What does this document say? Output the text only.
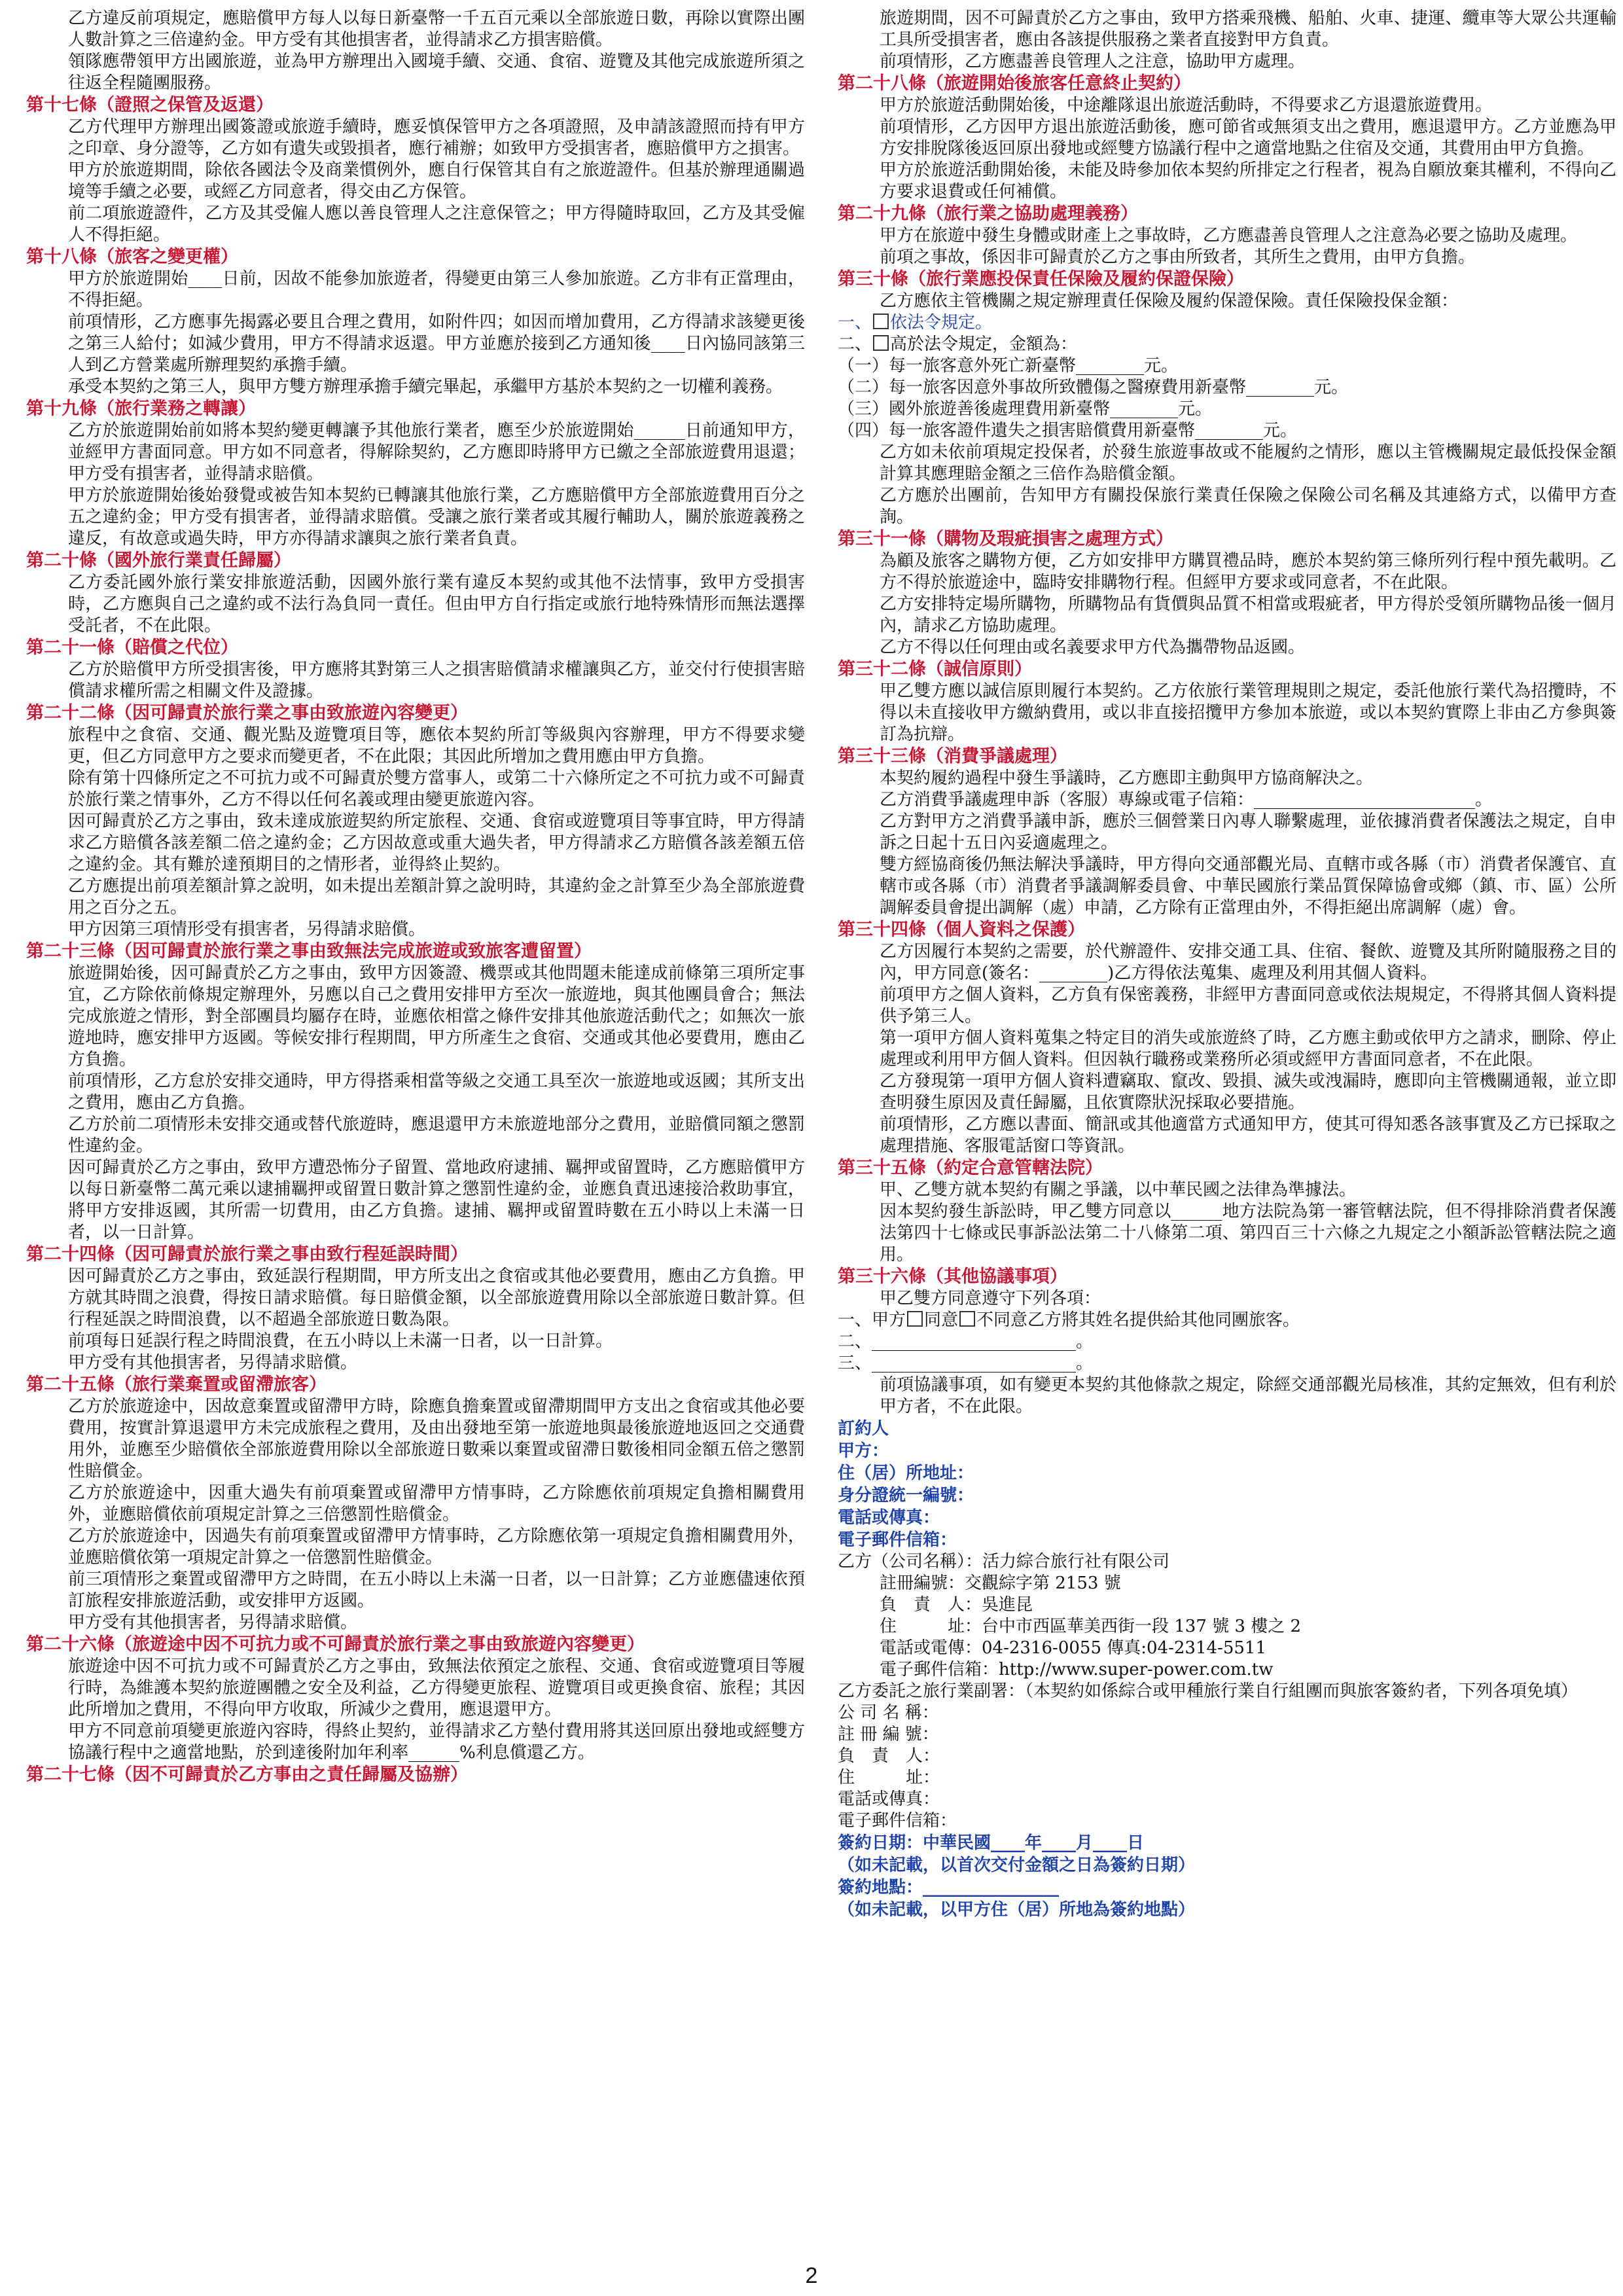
乙方違反前項規定，應賠償甲方每人以每日新臺幣一千五百元乘以全部旅遊日數，再除以實際出團人數計算之三倍違約金。甲方受有其他損害者，並得請求乙方損害賠償。

領隊應帶領甲方出國旅遊，並為甲方辦理出入國境手續、交通、食宿、遊覽及其他完成旅遊所須之往返全程隨團服務。

第十七條（證照之保管及返還）

乙方代理甲方辦理出國簽證或旅遊手續時，應妥慎保管甲方之各項證照，及申請該證照而持有甲方之印章、身分證等，乙方如有遺失或毀損者，應行補辦；如致甲方受損害者，應賠償甲方之損害。

甲方於旅遊期間，除依各國法令及商業慣例外，應自行保管其自有之旅遊證件。但基於辦理通關過境等手續之必要，或經乙方同意者，得交由乙方保管。

前二項旅遊證件，乙方及其受僱人應以善良管理人之注意保管之；甲方得隨時取回，乙方及其受僱人不得拒絕。

第十八條（旅客之變更權）

甲方於旅遊開始____日前，因故不能參加旅遊者，得變更由第三人參加旅遊。乙方非有正當理由，不得拒絕。

前項情形，乙方應事先揭露必要且合理之費用，如附件四；如因而增加費用，乙方得請求該變更後之第三人給付；如減少費用，甲方不得請求返還。甲方並應於接到乙方通知後____日內協同該第三人到乙方營業處所辦理契約承擔手續。

承受本契約之第三人，與甲方雙方辦理承擔手續完畢起，承繼甲方基於本契約之一切權利義務。

第十九條（旅行業務之轉讓）

乙方於旅遊開始前如將本契約變更轉讓予其他旅行業者，應至少於旅遊開始______日前通知甲方，並經甲方書面同意。甲方如不同意者，得解除契約，乙方應即時將甲方已繳之全部旅遊費用退還；甲方受有損害者，並得請求賠償。

甲方於旅遊開始後始發覺或被告知本契約已轉讓其他旅行業，乙方應賠償甲方全部旅遊費用百分之五之違約金；甲方受有損害者，並得請求賠償。受讓之旅行業者或其履行輔助人，關於旅遊義務之違反，有故意或過失時，甲方亦得請求讓與之旅行業者負責。

第二十條（國外旅行業責任歸屬）

乙方委託國外旅行業安排旅遊活動，因國外旅行業有違反本契約或其他不法情事，致甲方受損害時，乙方應與自己之違約或不法行為負同一責任。但由甲方自行指定或旅行地特殊情形而無法選擇受託者，不在此限。

第二十一條（賠償之代位）

乙方於賠償甲方所受損害後，甲方應將其對第三人之損害賠償請求權讓與乙方，並交付行使損害賠償請求權所需之相關文件及證據。

第二十二條（因可歸責於旅行業之事由致旅遊內容變更）

旅程中之食宿、交通、觀光點及遊覽項目等，應依本契約所訂等級與內容辦理，甲方不得要求變更，但乙方同意甲方之要求而變更者，不在此限；其因此所增加之費用應由甲方負擔。

除有第十四條所定之不可抗力或不可歸責於雙方當事人，或第二十六條所定之不可抗力或不可歸責於旅行業之情事外，乙方不得以任何名義或理由變更旅遊內容。

因可歸責於乙方之事由，致未達成旅遊契約所定旅程、交通、食宿或遊覽項目等事宜時，甲方得請求乙方賠償各該差額二倍之違約金；乙方因故意或重大過失者，甲方得請求乙方賠償各該差額五倍之違約金。其有難於達預期目的之情形者，並得終止契約。

乙方應提出前項差額計算之說明，如未提出差額計算之說明時，其違約金之計算至少為全部旅遊費用之百分之五。

甲方因第三項情形受有損害者，另得請求賠償。

第二十三條（因可歸責於旅行業之事由致無法完成旅遊或致旅客遭留置）

旅遊開始後，因可歸責於乙方之事由，致甲方因簽證、機票或其他問題未能達成前條第三項所定事宜，乙方除依前條規定辦理外，另應以自己之費用安排甲方至次一旅遊地，與其他團員會合；無法完成旅遊之情形，對全部團員均屬存在時，並應依相當之條件安排其他旅遊活動代之；如無次一旅遊地時，應安排甲方返國。等候安排行程期間，甲方所產生之食宿、交通或其他必要費用，應由乙方負擔。

前項情形，乙方怠於安排交通時，甲方得搭乘相當等級之交通工具至次一旅遊地或返國；其所支出之費用，應由乙方負擔。

乙方於前二項情形未安排交通或替代旅遊時，應退還甲方未旅遊地部分之費用，並賠償同額之懲罰性違約金。

因可歸責於乙方之事由，致甲方遭恐怖分子留置、當地政府逮捕、羈押或留置時，乙方應賠償甲方以每日新臺幣二萬元乘以逮捕羈押或留置日數計算之懲罰性違約金，並應負責迅速接洽救助事宜，將甲方安排返國，其所需一切費用，由乙方負擔。逮捕、羈押或留置時數在五小時以上未滿一日者，以一日計算。

第二十四條（因可歸責於旅行業之事由致行程延誤時間）

因可歸責於乙方之事由，致延誤行程期間，甲方所支出之食宿或其他必要費用，應由乙方負擔。甲方就其時間之浪費，得按日請求賠償。每日賠償金額，以全部旅遊費用除以全部旅遊日數計算。但行程延誤之時間浪費，以不超過全部旅遊日數為限。

前項每日延誤行程之時間浪費，在五小時以上未滿一日者，以一日計算。

甲方受有其他損害者，另得請求賠償。

第二十五條（旅行業棄置或留滯旅客）

乙方於旅遊途中，因故意棄置或留滯甲方時，除應負擔棄置或留滯期間甲方支出之食宿或其他必要費用，按實計算退還甲方未完成旅程之費用，及由出發地至第一旅遊地與最後旅遊地返回之交通費用外，並應至少賠償依全部旅遊費用除以全部旅遊日數乘以棄置或留滯日數後相同金額五倍之懲罰性賠償金。

乙方於旅遊途中，因重大過失有前項棄置或留滯甲方情事時，乙方除應依前項規定負擔相關費用外，並應賠償依前項規定計算之三倍懲罰性賠償金。

乙方於旅遊途中，因過失有前項棄置或留滯甲方情事時，乙方除應依第一項規定負擔相關費用外，並應賠償依第一項規定計算之一倍懲罰性賠償金。

前三項情形之棄置或留滯甲方之時間，在五小時以上未滿一日者，以一日計算；乙方並應儘速依預訂旅程安排旅遊活動，或安排甲方返國。

甲方受有其他損害者，另得請求賠償。

第二十六條（旅遊途中因不可抗力或不可歸責於旅行業之事由致旅遊內容變更）

旅遊途中因不可抗力或不可歸責於乙方之事由，致無法依預定之旅程、交通、食宿或遊覽項目等履行時，為維護本契約旅遊團體之安全及利益，乙方得變更旅程、遊覽項目或更換食宿、旅程；其因此所增加之費用，不得向甲方收取，所減少之費用，應退還甲方。

甲方不同意前項變更旅遊內容時，得終止契約，並得請求乙方墊付費用將其送回原出發地或經雙方協議行程中之適當地點，於到達後附加年利率______%利息償還乙方。

第二十七條（因不可歸責於乙方事由之責任歸屬及協辦）

旅遊期間，因不可歸責於乙方之事由，致甲方搭乘飛機、船舶、火車、捷運、纜車等大眾公共運輸工具所受損害者，應由各該提供服務之業者直接對甲方負責。

前項情形，乙方應盡善良管理人之注意，協助甲方處理。

第二十八條（旅遊開始後旅客任意終止契約）

甲方於旅遊活動開始後，中途離隊退出旅遊活動時，不得要求乙方退還旅遊費用。

前項情形，乙方因甲方退出旅遊活動後，應可節省或無須支出之費用，應退還甲方。乙方並應為甲方安排脫隊後返回原出發地或經雙方協議行程中之適當地點之住宿及交通，其費用由甲方負擔。

甲方於旅遊活動開始後，未能及時參加依本契約所排定之行程者，視為自願放棄其權利，不得向乙方要求退費或任何補償。

第二十九條（旅行業之協助處理義務）

甲方在旅遊中發生身體或財產上之事故時，乙方應盡善良管理人之注意為必要之協助及處理。

前項之事故，係因非可歸責於乙方之事由所致者，其所生之費用，由甲方負擔。

第三十條（旅行業應投保責任保險及履約保證保險）

乙方應依主管機關之規定辦理責任保險及履約保證保險。責任保險投保金額：

一、 依法令規定。

二、 高於法令規定，金額為：

（一）每一旅客意外死亡新臺幣________元。

（二）每一旅客因意外事故所致體傷之醫療費用新臺幣________元。

（三）國外旅遊善後處理費用新臺幣________元。

（四）每一旅客證件遺失之損害賠償費用新臺幣________元。

乙方如未依前項規定投保者，於發生旅遊事故或不能履約之情形，應以主管機關規定最低投保金額計算其應理賠金額之三倍作為賠償金額。

乙方應於出團前，告知甲方有關投保旅行業責任保險之保險公司名稱及其連絡方式，以備甲方查詢。

第三十一條（購物及瑕疵損害之處理方式）

為顧及旅客之購物方便，乙方如安排甲方購買禮品時，應於本契約第三條所列行程中預先載明。乙方不得於旅遊途中，臨時安排購物行程。但經甲方要求或同意者，不在此限。

乙方安排特定場所購物，所購物品有貨價與品質不相當或瑕疵者，甲方得於受領所購物品後一個月內，請求乙方協助處理。

乙方不得以任何理由或名義要求甲方代為攜帶物品返國。

第三十二條（誠信原則）

甲乙雙方應以誠信原則履行本契約。乙方依旅行業管理規則之規定，委託他旅行業代為招攬時，不得以未直接收甲方繳納費用，或以非直接招攬甲方參加本旅遊，或以本契約實際上非由乙方參與簽訂為抗辯。

第三十三條（消費爭議處理）

本契約履約過程中發生爭議時，乙方應即主動與甲方協商解決之。

乙方消費爭議處理申訴（客服）專線或電子信箱：__________________________。

乙方對甲方之消費爭議申訴，應於三個營業日內專人聯繫處理，並依據消費者保護法之規定，自申訴之日起十五日內妥適處理之。

雙方經協商後仍無法解決爭議時，甲方得向交通部觀光局、直轄市或各縣（市）消費者保護官、直轄市或各縣（市）消費者爭議調解委員會、中華民國旅行業品質保障協會或鄉（鎮、市、區）公所調解委員會提出調解（處）申請，乙方除有正當理由外，不得拒絕出席調解（處）會。

第三十四條（個人資料之保護）

乙方因履行本契約之需要，於代辦證件、安排交通工具、住宿、餐飲、遊覽及其所附隨服務之目的內，甲方同意(簽名：________)乙方得依法蒐集、處理及利用其個人資料。

前項甲方之個人資料，乙方負有保密義務，非經甲方書面同意或依法規規定，不得將其個人資料提供予第三人。

第一項甲方個人資料蒐集之特定目的消失或旅遊終了時，乙方應主動或依甲方之請求，刪除、停止處理或利用甲方個人資料。但因執行職務或業務所必須或經甲方書面同意者，不在此限。

乙方發現第一項甲方個人資料遭竊取、竄改、毀損、滅失或洩漏時，應即向主管機關通報，並立即查明發生原因及責任歸屬，且依實際狀況採取必要措施。

前項情形，乙方應以書面、簡訊或其他適當方式通知甲方，使其可得知悉各該事實及乙方已採取之處理措施、客服電話窗口等資訊。

第三十五條（約定合意管轄法院）

甲、乙雙方就本契約有關之爭議，以中華民國之法律為準據法。

因本契約發生訴訟時，甲乙雙方同意以______地方法院為第一審管轄法院，但不得排除消費者保護法第四十七條或民事訴訟法第二十八條第二項、第四百三十六條之九規定之小額訴訟管轄法院之適用。

第三十六條（其他協議事項）

甲乙雙方同意遵守下列各項：

一、甲方 同意 不同意乙方將其姓名提供給其他同團旅客。

二、________________________。

三、________________________。

前項協議事項，如有變更本契約其他條款之規定，除經交通部觀光局核准，其約定無效，但有利於甲方者，不在此限。

訂約人

甲方：

住（居）所地址：

身分證統一編號：

電話或傳真：

電子郵件信箱：

乙方（公司名稱）：活力綜合旅行社有限公司

註冊編號：交觀綜字第 2153 號

負　責　人：吳進昆

住　　　址：台中市西區華美西街一段 137 號 3 樓之 2

電話或電傳：04-2316-0055 傳真:04-2314-5511

電子郵件信箱：http://www.super-power.com.tw

乙方委託之旅行業副署：（本契約如係綜合或甲種旅行業自行組團而與旅客簽約者，下列各項免填）

公 司 名 稱：

註 冊 編 號：

負　責　人：

住　　　址：

電話或傳真：

電子郵件信箱：

簽約日期：中華民國____年____月____日

（如未記載，以首次交付金額之日為簽約日期）

簽約地點：________________

（如未記載，以甲方住（居）所地為簽約地點）

2
